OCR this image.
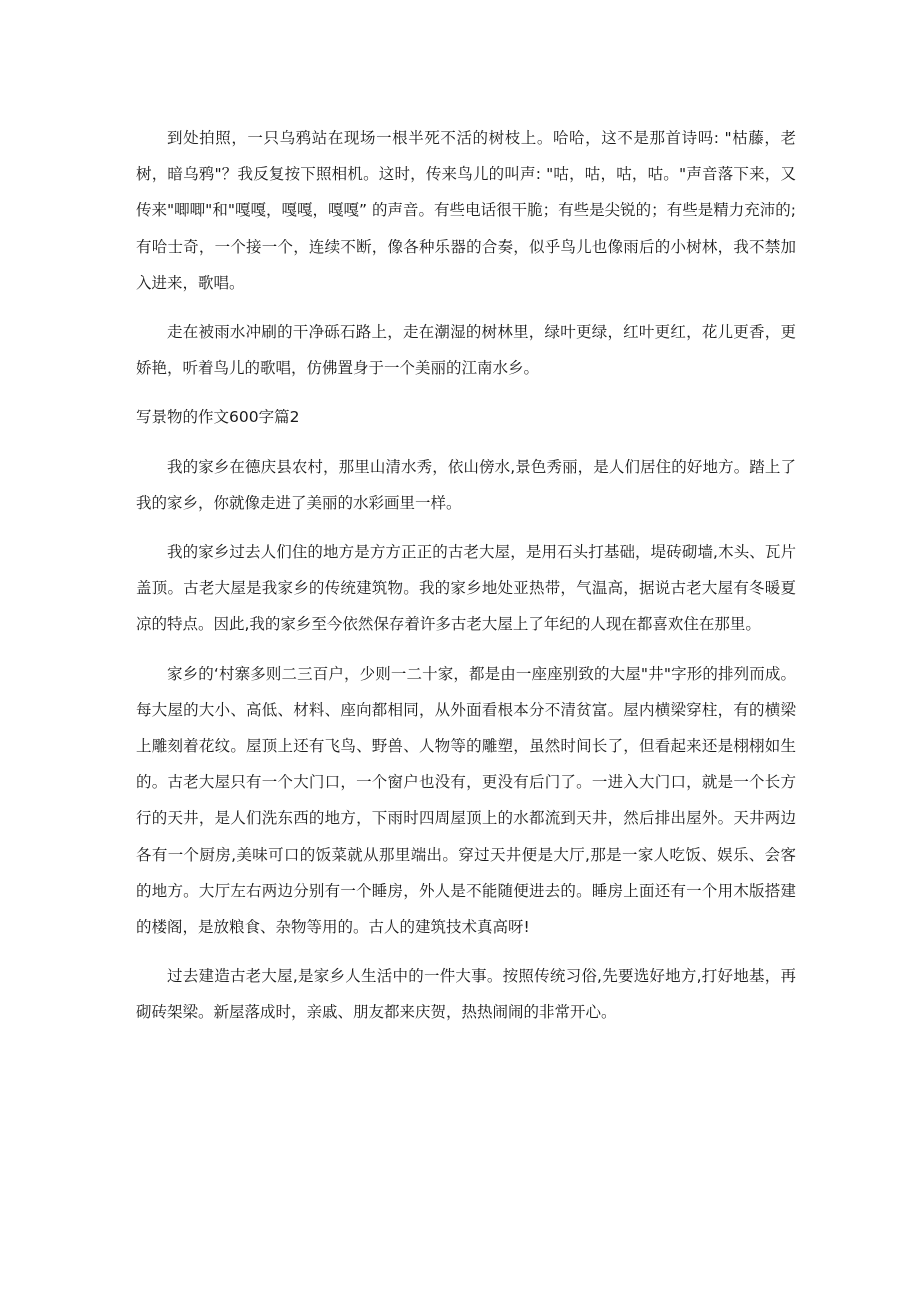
到处拍照，一只乌鸦站在现场一根半死不活的树枝上。哈哈，这不是那首诗吗: "枯藤，老树，暗乌鸦"？我反复按下照相机。这时，传来鸟儿的叫声: "咕，咕，咕，咕。"声音落下来，又传来"唧唧"和"嘎嘎，嘎嘎，嘎嘎” 的声音。有些电话很干脆；有些是尖锐的；有些是精力充沛的;有哈士奇，一个接一个，连续不断，像各种乐器的合奏，似乎鸟儿也像雨后的小树林，我不禁加入进来，歌唱。

走在被雨水冲刷的干净砾石路上，走在潮湿的树林里，绿叶更绿，红叶更红，花儿更香，更娇艳，听着鸟儿的歌唱，仿佛置身于一个美丽的江南水乡。

写景物的作文600字篇2

我的家乡在德庆县农村，那里山清水秀，依山傍水,景色秀丽，是人们居住的好地方。踏上了我的家乡，你就像走进了美丽的水彩画里一样。

我的家乡过去人们住的地方是方方正正的古老大屋，是用石头打基础，堤砖砌墙,木头、瓦片盖顶。古老大屋是我家乡的传统建筑物。我的家乡地处亚热带，气温高，据说古老大屋有冬暖夏凉的特点。因此,我的家乡至今依然保存着许多古老大屋上了年纪的人现在都喜欢住在那里。

家乡的‘村寨多则二三百户，少则一二十家，都是由一座座别致的大屋"井"字形的排列而成。每大屋的大小、高低、材料、座向都相同，从外面看根本分不清贫富。屋内横梁穿柱，有的横梁上雕刻着花纹。屋顶上还有飞鸟、野兽、人物等的雕塑，虽然时间长了，但看起来还是栩栩如生的。古老大屋只有一个大门口，一个窗户也没有，更没有后门了。一进入大门口，就是一个长方行的天井，是人们洗东西的地方，下雨时四周屋顶上的水都流到天井，然后排出屋外。天井两边各有一个厨房,美味可口的饭菜就从那里端出。穿过天井便是大厅,那是一家人吃饭、娱乐、会客的地方。大厅左右两边分别有一个睡房，外人是不能随便进去的。睡房上面还有一个用木版搭建的楼阁，是放粮食、杂物等用的。古人的建筑技术真高呀!

过去建造古老大屋,是家乡人生活中的一件大事。按照传统习俗,先要选好地方,打好地基，再砌砖架梁。新屋落成时，亲戚、朋友都来庆贺，热热闹闹的非常开心。
